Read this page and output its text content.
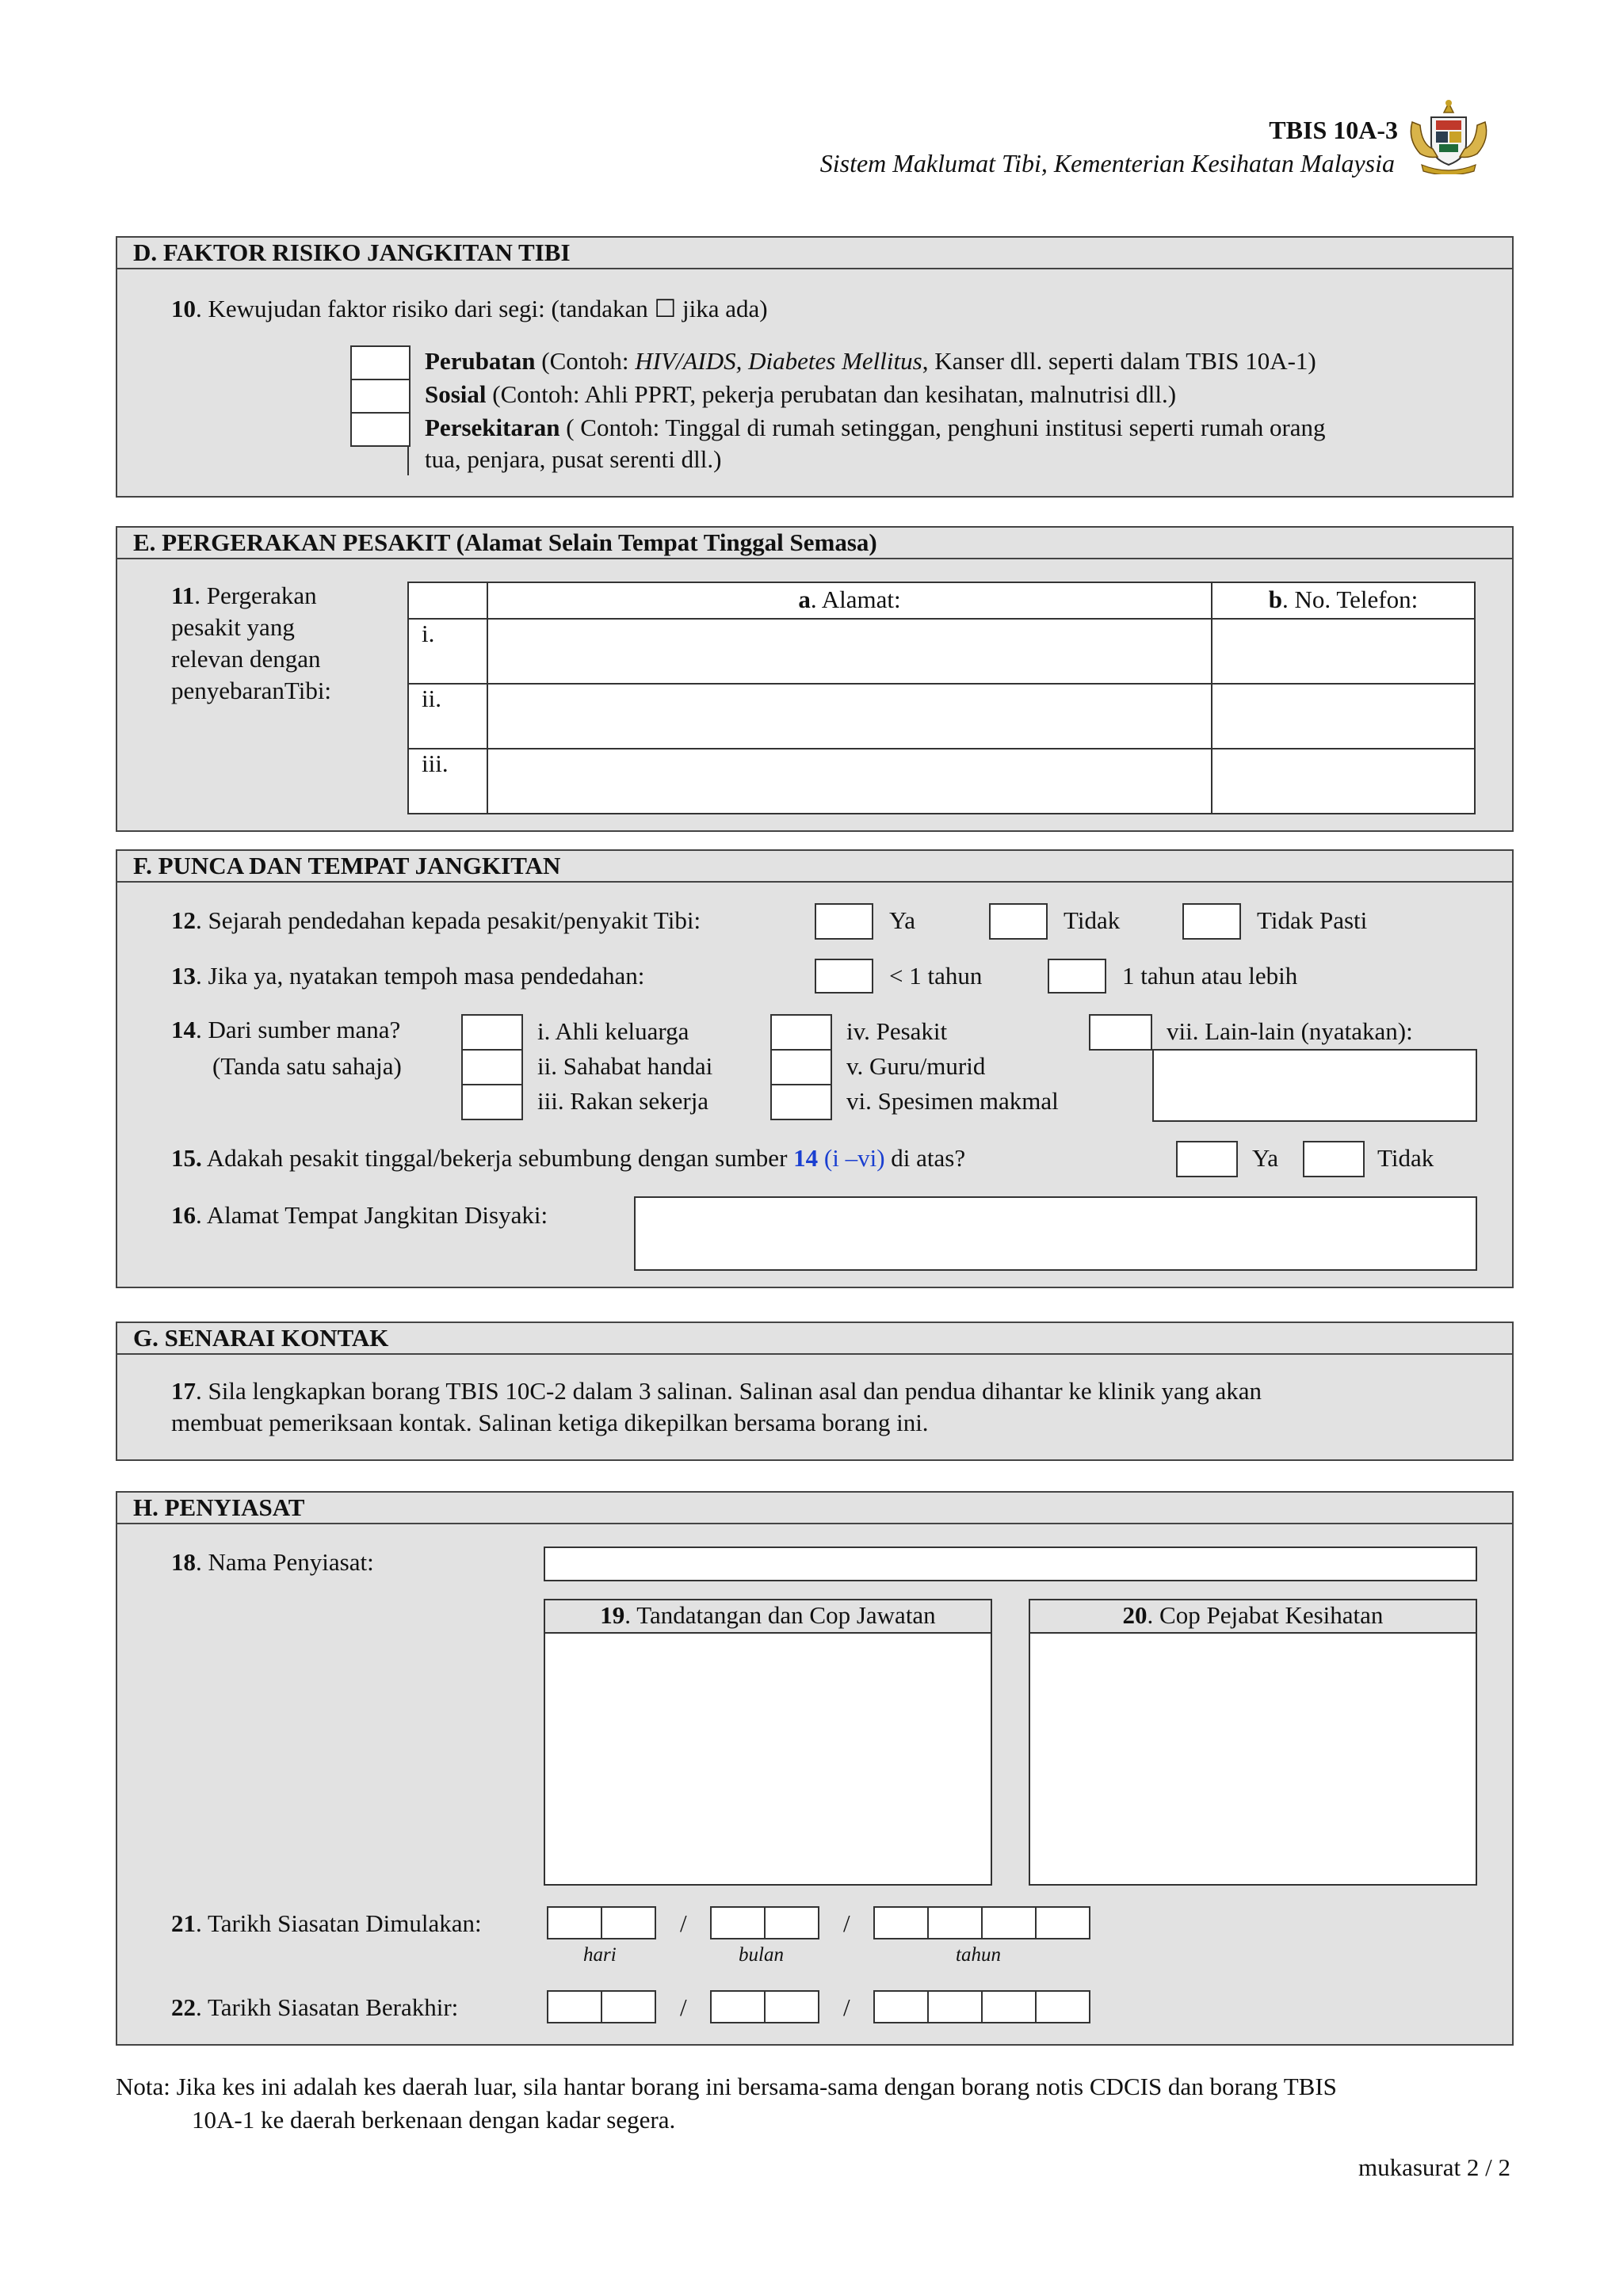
TBIS 10A-3
Sistem Maklumat Tibi, Kementerian Kesihatan Malaysia
D. FAKTOR RISIKO JANGKITAN TIBI
10. Kewujudan faktor risiko dari segi: (tandakan ☐ jika ada)
Perubatan (Contoh: HIV/AIDS, Diabetes Mellitus, Kanser dll. seperti dalam TBIS 10A-1)
Sosial (Contoh: Ahli PPRT, pekerja perubatan dan kesihatan, malnutrisi dll.)
Persekitaran ( Contoh: Tinggal di rumah setinggan, penghuni institusi seperti rumah orang
tua, penjara, pusat serenti dll.)
E. PERGERAKAN PESAKIT (Alamat Selain Tempat Tinggal Semasa)
11. Pergerakan
pesakit yang
relevan dengan
penyebaranTibi:
	a. Alamat:	b. No. Telefon:
i.		
ii.		
iii.		
F. PUNCA DAN TEMPAT JANGKITAN
12. Sejarah pendedahan kepada pesakit/penyakit Tibi:	Ya	Tidak	Tidak Pasti
13. Jika ya, nyatakan tempoh masa pendedahan:	< 1 tahun	1 tahun atau lebih
14. Dari sumber mana?
(Tanda satu sahaja)
i. Ahli keluarga
ii. Sahabat handai
iii. Rakan sekerja
iv. Pesakit
v. Guru/murid
vi. Spesimen makmal
vii. Lain-lain (nyatakan):
15. Adakah pesakit tinggal/bekerja sebumbung dengan sumber 14 (i –vi) di atas?	Ya	Tidak
16. Alamat Tempat Jangkitan Disyaki:
G. SENARAI KONTAK
17. Sila lengkapkan borang TBIS 10C-2 dalam 3 salinan. Salinan asal dan pendua dihantar ke klinik yang akan
membuat pemeriksaan kontak. Salinan ketiga dikepilkan bersama borang ini.
H. PENYIASAT
18. Nama Penyiasat:
19. Tandatangan dan Cop Jawatan	20. Cop Pejabat Kesihatan
21. Tarikh Siasatan Dimulakan:	/	/
hari	bulan	tahun
22. Tarikh Siasatan Berakhir:	/	/
Nota: Jika kes ini adalah kes daerah luar, sila hantar borang ini bersama-sama dengan borang notis CDCIS dan borang TBIS
10A-1 ke daerah berkenaan dengan kadar segera.
mukasurat 2 / 2
